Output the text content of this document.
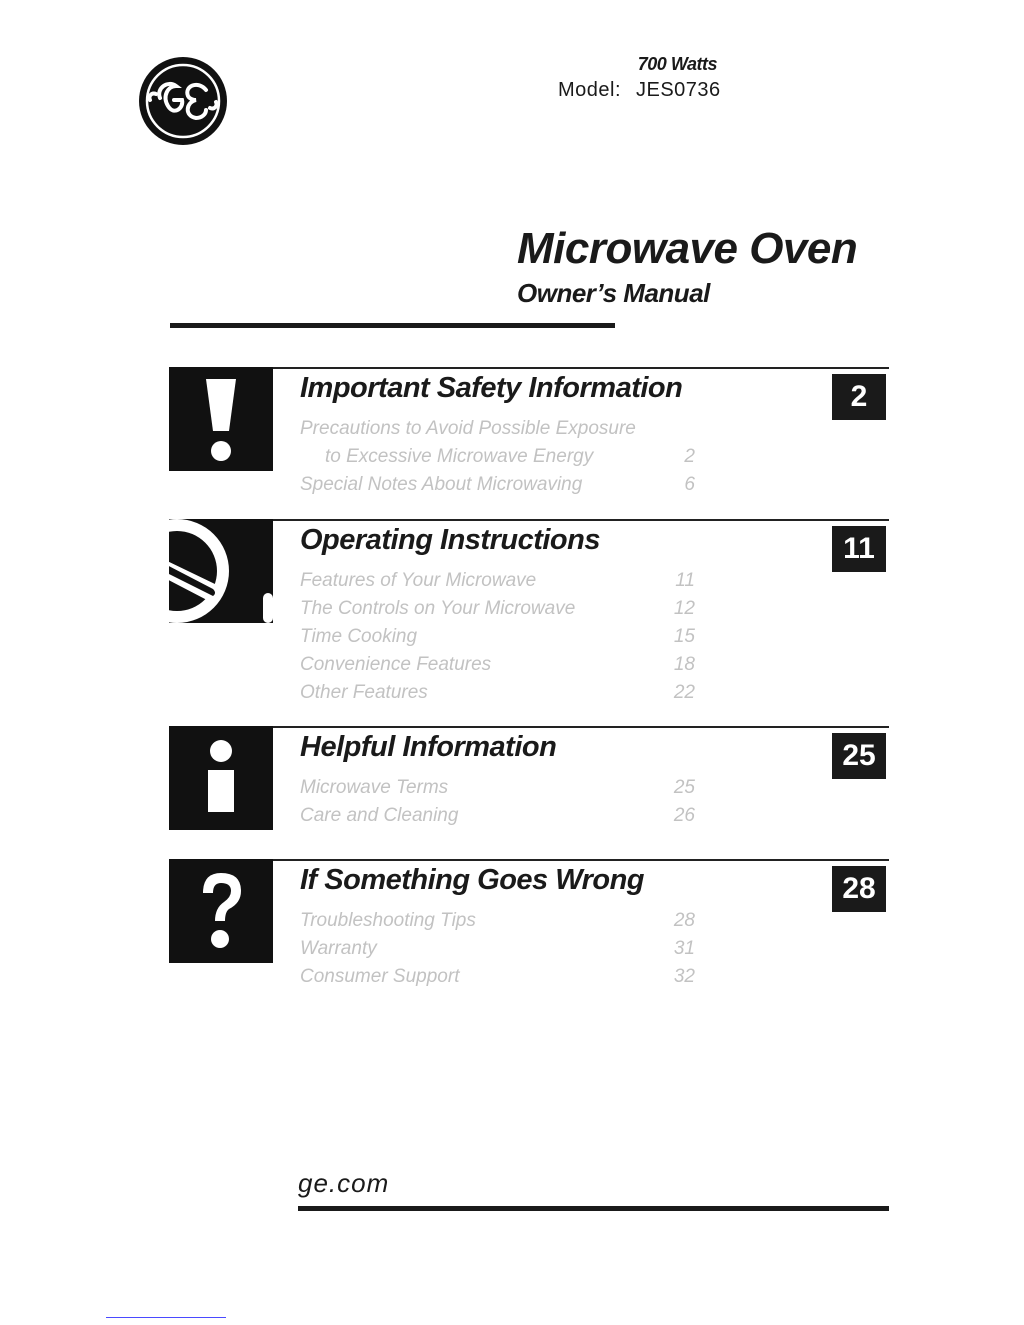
700 Watts
Model: JES0736
Microwave Oven
Owner’s Manual
Important Safety Information	2
Precautions to Avoid Possible Exposure
to Excessive Microwave Energy	2
Special Notes About Microwaving	6
Operating Instructions	11
Features of Your Microwave	11
The Controls on Your Microwave	12
Time Cooking	15
Convenience Features	18
Other Features	22
Helpful Information	25
Microwave Terms	25
Care and Cleaning	26
If Something Goes Wrong	28
Troubleshooting Tips	28
Warranty	31
Consumer Support	32
ge.com
